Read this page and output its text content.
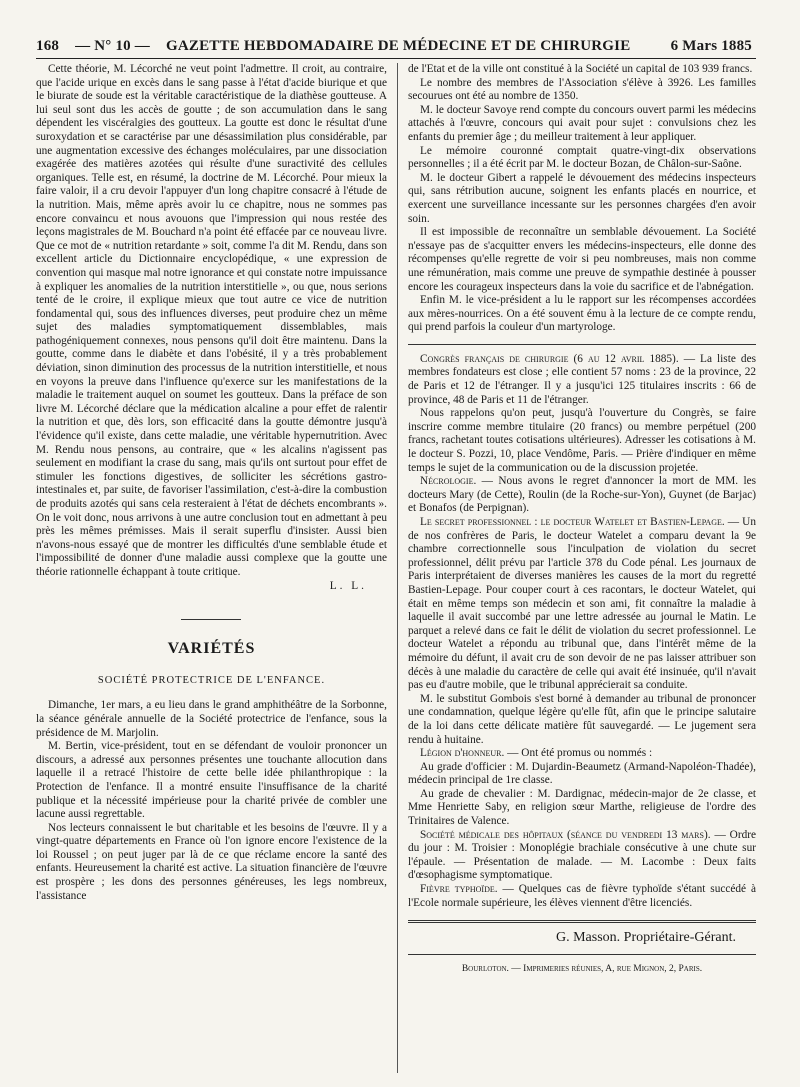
168 — N° 10 — GAZETTE HEBDOMADAIRE DE MÉDECINE ET DE CHIRURGIE	6 Mars 1885

Cette théorie, M. Lécorché ne veut point l'admettre. Il croit, au contraire, que l'acide urique en excès dans le sang passe à l'état d'acide biurique et que le biurate de soude est la véritable caractéristique de la diathèse goutteuse. A lui seul sont dus les accès de goutte ; de son accumulation dans le sang dépendent les viscéralgies des goutteux. La goutte est donc le résultat d'une suroxydation et se caractérise par une désassimilation plus considérable, par une augmentation excessive des échanges moléculaires, par une dissociation exagérée des matières azotées qui résulte d'une suractivité des cellules organiques. Telle est, en résumé, la doctrine de M. Lécorché. Pour mieux la faire valoir, il a cru devoir l'appuyer d'un long chapitre consacré à l'étude de la nutrition. Mais, même après avoir lu ce chapitre, nous ne sommes pas encore convaincu et nous avouons que l'impression qui nous restée des leçons magistrales de M. Bouchard n'a point été effacée par ce nouveau livre. Que ce mot de « nutrition retardante » soit, comme l'a dit M. Rendu, dans son excellent article du Dictionnaire encyclopédique, « une expression de convention qui masque mal notre ignorance et qui constate notre impuissance à expliquer les anomalies de la nutrition interstitielle », ou que, nous serions tenté de le croire, il explique mieux que tout autre ce vice de nutrition fondamental qui, sous des influences diverses, peut produire chez un même sujet des maladies symptomatiquement dissemblables, mais pathogéniquement connexes, nous pensons qu'il doit être maintenu. Dans la goutte, comme dans le diabète et dans l'obésité, il y a très probablement déviation, sinon diminution des processus de la nutrition interstitielle, et nous en voyons la preuve dans l'influence qu'exerce sur les manifestations de la maladie le traitement auquel on soumet les goutteux. Dans la préface de son livre M. Lécorché déclare que la médication alcaline a pour effet de ralentir la nutrition et que, dès lors, son efficacité dans la goutte démontre jusqu'à l'évidence qu'il existe, dans cette maladie, une véritable hypernutrition. Avec M. Rendu nous pensons, au contraire, que « les alcalins n'agissent pas seulement en modifiant la crase du sang, mais qu'ils ont surtout pour effet de stimuler les fonctions digestives, de solliciter les sécrétions gastro-intestinales et, par suite, de favoriser l'assimilation, c'est-à-dire la combustion de produits azotés qui sans cela resteraient à l'état de déchets encombrants ». On le voit donc, nous arrivons à une autre conclusion tout en admettant à peu près les mêmes prémisses. Mais il serait superflu d'insister. Aussi bien n'avons-nous essayé que de montrer les difficultés d'une semblable étude et l'impossibilité de donner d'une maladie aussi complexe que la goutte une théorie rationnelle échappant à toute critique.

L. L.

VARIÉTÉS
SOCIÉTÉ PROTECTRICE DE L'ENFANCE.

Dimanche, 1er mars, a eu lieu dans le grand amphithéâtre de la Sorbonne, la séance générale annuelle de la Société protectrice de l'enfance, sous la présidence de M. Marjolin.

M. Bertin, vice-président, tout en se défendant de vouloir prononcer un discours, a adressé aux personnes présentes une touchante allocution dans laquelle il a retracé l'histoire de cette belle idée philanthropique : la Protection de l'enfance. Il a montré ensuite l'insuffisance de la charité publique et la nécessité impérieuse pour la charité privée de combler une lacune aussi regrettable.

Nos lecteurs connaissent le but charitable et les besoins de l'œuvre. Il y a vingt-quatre départements en France où l'on ignore encore l'existence de la loi Roussel ; on peut juger par là de ce que réclame encore la santé des enfants. Heureusement la charité est active. La situation financière de l'œuvre est prospère ; les dons des personnes généreuses, les legs nombreux, l'assistance

de l'Etat et de la ville ont constitué à la Société un capital de 103 939 francs.

Le nombre des membres de l'Association s'élève à 3926. Les familles secourues ont été au nombre de 1350.

M. le docteur Savoye rend compte du concours ouvert parmi les médecins attachés à l'œuvre, concours qui avait pour sujet : convulsions chez les enfants du premier âge ; du meilleur traitement à leur appliquer.

Le mémoire couronné comptait quatre-vingt-dix observations personnelles ; il a été écrit par M. le docteur Bozan, de Châlon-sur-Saône.

M. le docteur Gibert a rappelé le dévouement des médecins inspecteurs qui, sans rétribution aucune, soignent les enfants placés en nourrice, et exercent une surveillance incessante sur les personnes chargées d'en avoir soin.

Il est impossible de reconnaître un semblable dévouement. La Société n'essaye pas de s'acquitter envers les médecins-inspecteurs, elle donne des récompenses qu'elle regrette de voir si peu nombreuses, mais non comme une rémunération, mais comme une preuve de sympathie destinée à pousser encore les courageux inspecteurs dans la voie du sacrifice et de l'abnégation.

Enfin M. le vice-président a lu le rapport sur les récompenses accordées aux mères-nourrices. On a été souvent ému à la lecture de ce compte rendu, qui prend parfois la couleur d'un martyrologe.

Congrès français de chirurgie (6 au 12 avril 1885). — La liste des membres fondateurs est close ; elle contient 57 noms : 23 de la province, 22 de Paris et 12 de l'étranger. Il y a jusqu'ici 125 titulaires inscrits : 66 de province, 48 de Paris et 11 de l'étranger.

Nous rappelons qu'on peut, jusqu'à l'ouverture du Congrès, se faire inscrire comme membre titulaire (20 francs) ou membre perpétuel (200 francs, rachetant toutes cotisations ultérieures). Adresser les cotisations à M. le docteur S. Pozzi, 10, place Vendôme, Paris. — Prière d'indiquer en même temps le sujet de la communication ou de la discussion projetée.

Nécrologie. — Nous avons le regret d'annoncer la mort de MM. les docteurs Mary (de Cette), Roulin (de la Roche-sur-Yon), Guynet (de Barjac) et Bonafos (de Perpignan).

Le secret professionnel : le docteur Watelet et Bastien-Lepage. — Un de nos confrères de Paris, le docteur Watelet a comparu devant la 9e chambre correctionnelle sous l'inculpation de violation du secret professionnel, délit prévu par l'article 378 du Code pénal. Les journaux de Paris interprétaient de diverses manières les causes de la mort du regretté Bastien-Lepage. Pour couper court à ces racontars, le docteur Watelet, qui était en même temps son médecin et son ami, fit connaître la maladie à laquelle il avait succombé par une lettre adressée au journal le Matin. Le parquet a relevé dans ce fait le délit de violation du secret professionnel. Le docteur Watelet a répondu au tribunal que, dans l'intérêt même de la mémoire du défunt, il avait cru de son devoir de ne pas laisser attribuer son décès à une maladie du caractère de celle qui avait été insinuée, qu'il n'avait pas eu d'autre mobile, que le tribunal apprécierait sa conduite.

M. le substitut Gombois s'est borné à demander au tribunal de prononcer une condamnation, quelque légère qu'elle fût, afin que le principe salutaire de la loi dans cette délicate matière fût sauvegardé. — Le jugement sera rendu à huitaine.

Légion d'honneur. — Ont été promus ou nommés :

Au grade d'officier : M. Dujardin-Beaumetz (Armand-Napoléon-Thadée), médecin principal de 1re classe.

Au grade de chevalier : M. Dardignac, médecin-major de 2e classe, et Mme Henriette Saby, en religion sœur Marthe, religieuse de l'ordre des Trinitaires de Valence.

Société médicale des hôpitaux (séance du vendredi 13 mars). — Ordre du jour : M. Troisier : Monoplégie brachiale consécutive à une chute sur l'épaule. — Présentation de malade. — M. Lacombe : Deux faits d'œsophagisme symptomatique.

Fièvre typhoïde. — Quelques cas de fièvre typhoïde s'étant succédé à l'Ecole normale supérieure, les élèves viennent d'être licenciés.

G. Masson. Propriétaire-Gérant.
Bourloton. — Imprimeries réunies, A, rue Mignon, 2, Paris.
